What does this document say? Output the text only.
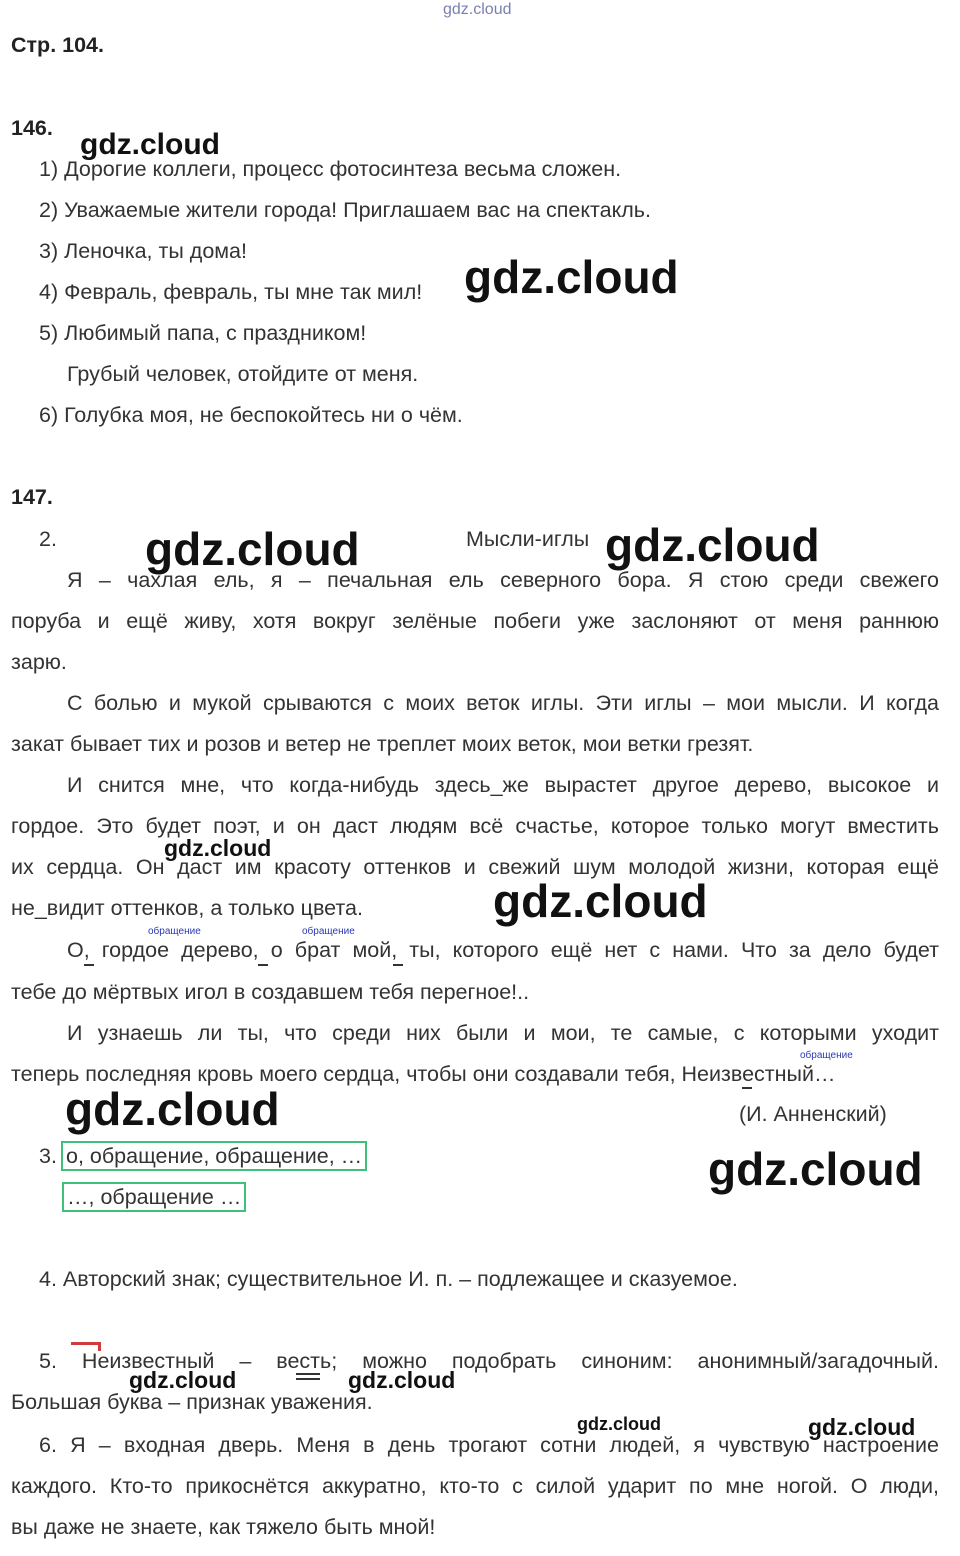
gdz.cloud
Стр. 104.
146.
1) Дорогие коллеги, процесс фотосинтеза весьма сложен.
2) Уважаемые жители города! Приглашаем вас на спектакль.
3) Леночка, ты дома!
4) Февраль, февраль, ты мне так мил!
5) Любимый папа, с праздником!
Грубый человек, отойдите от меня.
6) Голубка моя, не беспокойтесь ни о чём.
147.
2.	Мысли-иглы
Я – чахлая ель, я – печальная ель северного бора. Я стою среди свежего
поруба и ещё живу, хотя вокруг зелёные побеги уже заслоняют от меня раннюю
зарю.
С болью и мукой срываются с моих веток иглы. Эти иглы – мои мысли. И когда
закат бывает тих и розов и ветер не треплет моих веток, мои ветки грезят.
И снится мне, что когда-нибудь здесь_же вырастет другое дерево, высокое и
гордое. Это будет поэт, и он даст людям всё счастье, которое только могут вместить
их сердца. Он даст им красоту оттенков и свежий шум молодой жизни, которая ещё
не_видит оттенков, а только цвета.
обращение	обращение
О, гордое дерево, о брат мой, ты, которого ещё нет с нами. Что за дело будет
тебе до мёртвых игол в создавшем тебя перегное!..
И узнаешь ли ты, что среди них были и мои, те самые, с которыми уходит
обращение
теперь последняя кровь моего сердца, чтобы они создавали тебя, Неизвестный…
(И. Анненский)
3. о, обращение, обращение, …
…, обращение …
4. Авторский знак; существительное И. п. – подлежащее и сказуемое.
5. Неизвестный – весть; можно подобрать синоним: анонимный/загадочный.
Большая буква – признак уважения.
6. Я – входная дверь. Меня в день трогают сотни людей, я чувствую настроение
каждого. Кто-то прикоснётся аккуратно, кто-то с силой ударит по мне ногой. О люди,
вы даже не знаете, как тяжело быть мной!
gdz.cloud
gdz.cloud
gdz.cloud	gdz.cloud
gdz.cloud
gdz.cloud
gdz.cloud
gdz.cloud
gdz.cloud	gdz.cloud
gdz.cloud	gdz.cloud
